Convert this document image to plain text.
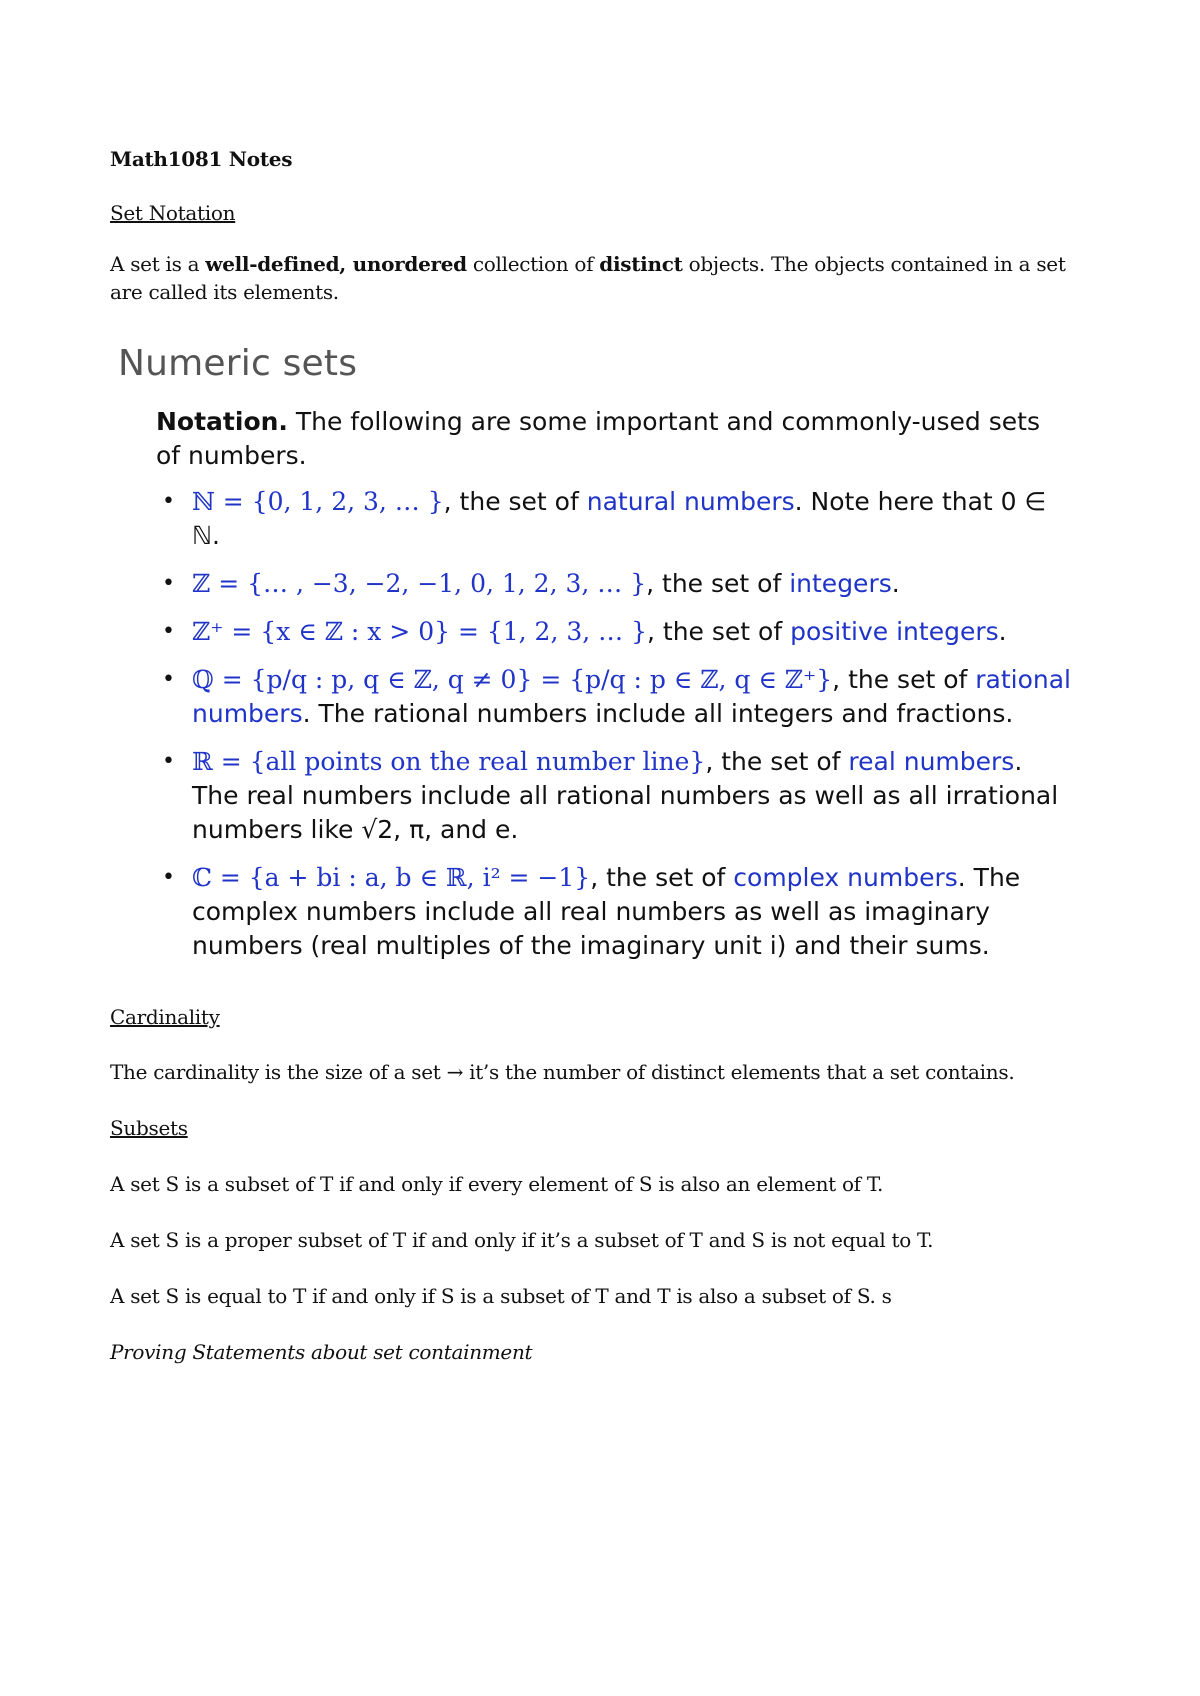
Math1081 Notes
Set Notation
A set is a well-defined, unordered collection of distinct objects. The objects contained in a set are called its elements.
Numeric sets
Notation. The following are some important and commonly-used sets of numbers.
• ℕ = {0, 1, 2, 3, … }, the set of natural numbers. Note here that 0 ∈ ℕ.
• ℤ = {… , −3, −2, −1, 0, 1, 2, 3, … }, the set of integers.
• ℤ⁺ = {x ∈ ℤ : x > 0} = {1, 2, 3, … }, the set of positive integers.
• ℚ = {p/q : p, q ∈ ℤ, q ≠ 0} = {p/q : p ∈ ℤ, q ∈ ℤ⁺}, the set of rational numbers. The rational numbers include all integers and fractions.
• ℝ = {all points on the real number line}, the set of real numbers. The real numbers include all rational numbers as well as all irrational numbers like √2, π, and e.
• ℂ = {a + bi : a, b ∈ ℝ, i² = −1}, the set of complex numbers. The complex numbers include all real numbers as well as imaginary numbers (real multiples of the imaginary unit i) and their sums.
Cardinality
The cardinality is the size of a set → it’s the number of distinct elements that a set contains.
Subsets
A set S is a subset of T if and only if every element of S is also an element of T.
A set S is a proper subset of T if and only if it’s a subset of T and S is not equal to T.
A set S is equal to T if and only if S is a subset of T and T is also a subset of S. s
Proving Statements about set containment
